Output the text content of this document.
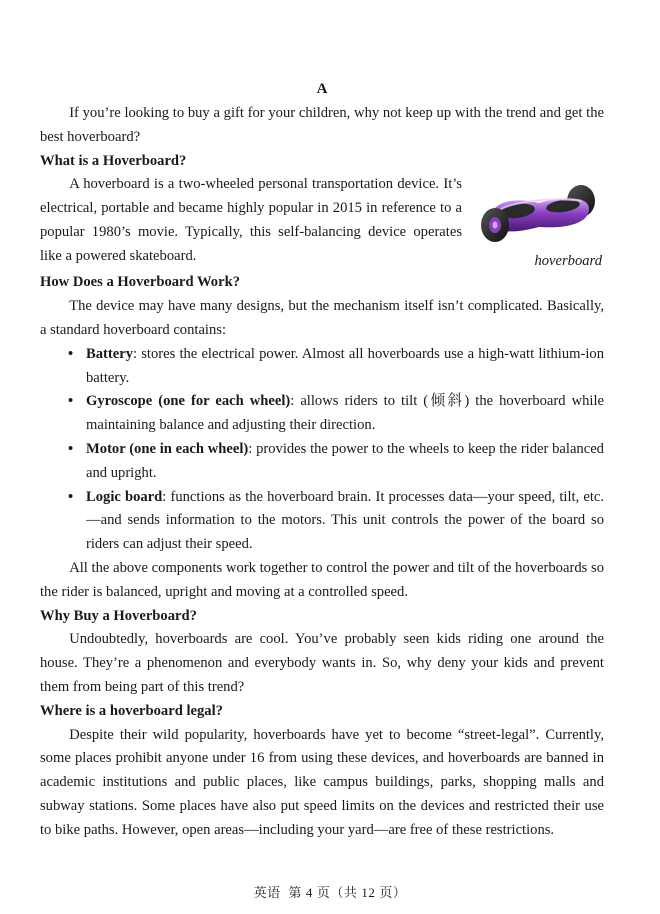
A

If you’re looking to buy a gift for your children, why not keep up with the trend and get the best hoverboard?

What is a Hoverboard?
hoverboard

A hoverboard is a two-wheeled personal transportation device. It’s electrical, portable and became highly popular in 2015 in reference to a popular 1980’s movie. Typically, this self-balancing device operates like a powered skateboard.

How Does a Hoverboard Work?

The device may have many designs, but the mechanism itself isn’t complicated. Basically, a standard hoverboard contains:

• Battery: stores the electrical power. Almost all hoverboards use a high-watt lithium-ion battery.
• Gyroscope (one for each wheel): allows riders to tilt (倾斜) the hoverboard while maintaining balance and adjusting their direction.
• Motor (one in each wheel): provides the power to the wheels to keep the rider balanced and upright.
• Logic board: functions as the hoverboard brain. It processes data—your speed, tilt, etc.—and sends information to the motors. This unit controls the power of the board so riders can adjust their speed.

All the above components work together to control the power and tilt of the hoverboards so the rider is balanced, upright and moving at a controlled speed.

Why Buy a Hoverboard?

Undoubtedly, hoverboards are cool. You’ve probably seen kids riding one around the house. They’re a phenomenon and everybody wants in. So, why deny your kids and prevent them from being part of this trend?

Where is a hoverboard legal?

Despite their wild popularity, hoverboards have yet to become “street-legal”. Currently, some places prohibit anyone under 16 from using these devices, and hoverboards are banned in academic institutions and public places, like campus buildings, parks, shopping malls and subway stations. Some places have also put speed limits on the devices and restricted their use to bike paths. However, open areas—including your yard—are free of these restrictions.

英语 第 4 页（共 12 页）
